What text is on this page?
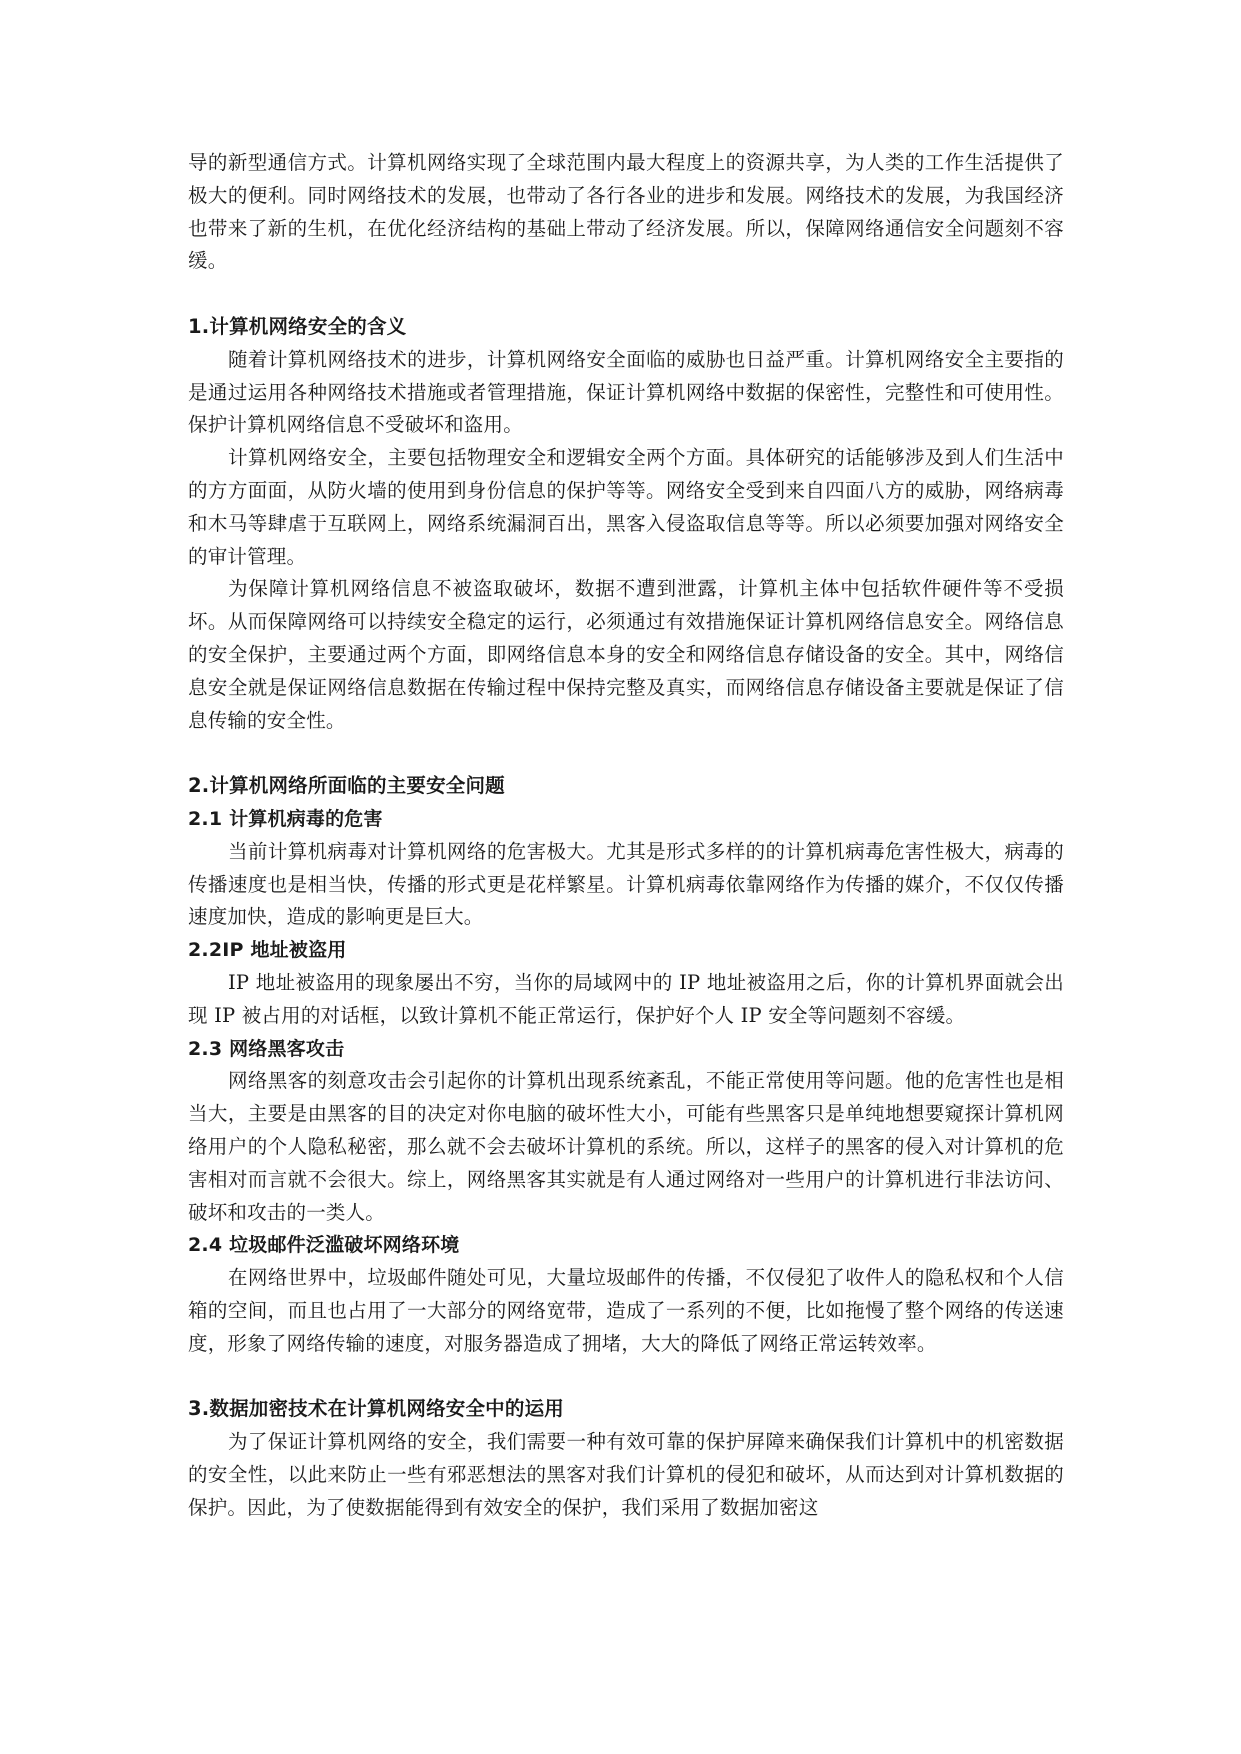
导的新型通信方式。计算机网络实现了全球范围内最大程度上的资源共享，为人类的工作生活提供了极大的便利。同时网络技术的发展，也带动了各行各业的进步和发展。网络技术的发展，为我国经济也带来了新的生机，在优化经济结构的基础上带动了经济发展。所以，保障网络通信安全问题刻不容缓。

1.计算机网络安全的含义

随着计算机网络技术的进步，计算机网络安全面临的威胁也日益严重。计算机网络安全主要指的是通过运用各种网络技术措施或者管理措施，保证计算机网络中数据的保密性，完整性和可使用性。保护计算机网络信息不受破坏和盗用。

计算机网络安全，主要包括物理安全和逻辑安全两个方面。具体研究的话能够涉及到人们生活中的方方面面，从防火墙的使用到身份信息的保护等等。网络安全受到来自四面八方的威胁，网络病毒和木马等肆虐于互联网上，网络系统漏洞百出，黑客入侵盗取信息等等。所以必须要加强对网络安全的审计管理。

为保障计算机网络信息不被盗取破坏，数据不遭到泄露，计算机主体中包括软件硬件等不受损坏。从而保障网络可以持续安全稳定的运行，必须通过有效措施保证计算机网络信息安全。网络信息的安全保护，主要通过两个方面，即网络信息本身的安全和网络信息存储设备的安全。其中，网络信息安全就是保证网络信息数据在传输过程中保持完整及真实，而网络信息存储设备主要就是保证了信息传输的安全性。

2.计算机网络所面临的主要安全问题
2.1 计算机病毒的危害

当前计算机病毒对计算机网络的危害极大。尤其是形式多样的的计算机病毒危害性极大，病毒的传播速度也是相当快，传播的形式更是花样繁星。计算机病毒依靠网络作为传播的媒介，不仅仅传播速度加快，造成的影响更是巨大。

2.2IP 地址被盗用

IP 地址被盗用的现象屡出不穷，当你的局域网中的 IP 地址被盗用之后，你的计算机界面就会出现 IP 被占用的对话框，以致计算机不能正常运行，保护好个人 IP 安全等问题刻不容缓。

2.3 网络黑客攻击

网络黑客的刻意攻击会引起你的计算机出现系统紊乱，不能正常使用等问题。他的危害性也是相当大，主要是由黑客的目的决定对你电脑的破坏性大小，可能有些黑客只是单纯地想要窥探计算机网络用户的个人隐私秘密，那么就不会去破坏计算机的系统。所以，这样子的黑客的侵入对计算机的危害相对而言就不会很大。综上，网络黑客其实就是有人通过网络对一些用户的计算机进行非法访问、破坏和攻击的一类人。

2.4 垃圾邮件泛滥破坏网络环境

在网络世界中，垃圾邮件随处可见，大量垃圾邮件的传播，不仅侵犯了收件人的隐私权和个人信箱的空间，而且也占用了一大部分的网络宽带，造成了一系列的不便，比如拖慢了整个网络的传送速度，形象了网络传输的速度，对服务器造成了拥堵，大大的降低了网络正常运转效率。

3.数据加密技术在计算机网络安全中的运用

为了保证计算机网络的安全，我们需要一种有效可靠的保护屏障来确保我们计算机中的机密数据的安全性，以此来防止一些有邪恶想法的黑客对我们计算机的侵犯和破坏，从而达到对计算机数据的保护。因此，为了使数据能得到有效安全的保护，我们采用了数据加密这
